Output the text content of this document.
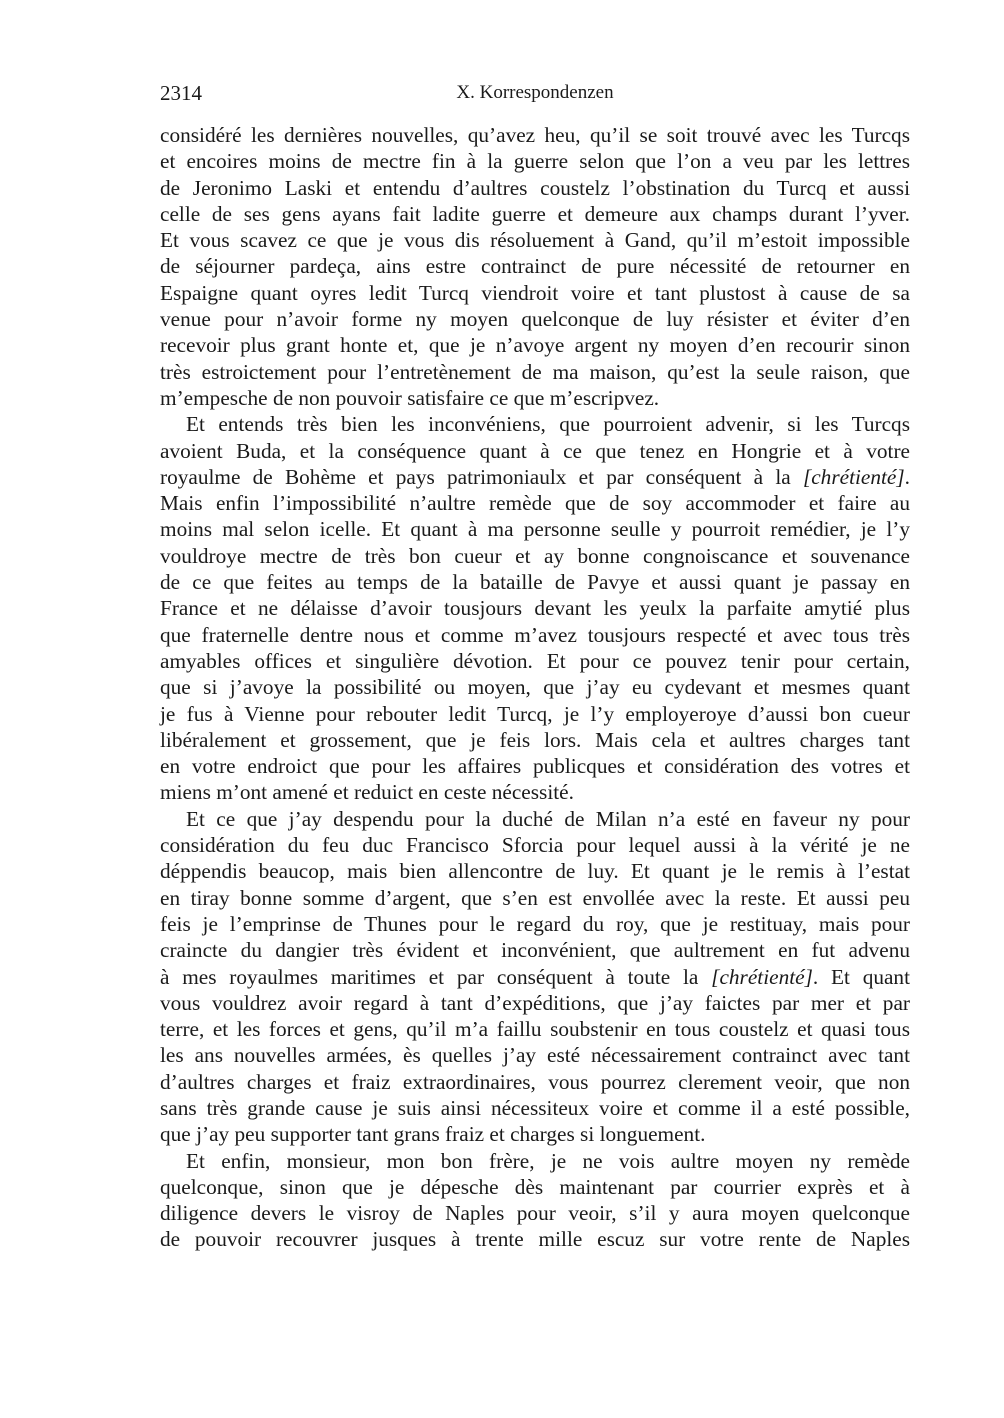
2314	X. Korrespondenzen
considéré les dernières nouvelles, qu’avez heu, qu’il se soit trouvé avec les Turcqs
et encoires moins de mectre fin à la guerre selon que l’on a veu par les lettres
de Jeronimo Laski et entendu d’aultres coustelz l’obstination du Turcq et aussi
celle de ses gens ayans fait ladite guerre et demeure aux champs durant l’yver.
Et vous scavez ce que je vous dis résoluement à Gand, qu’il m’estoit impossible
de séjourner pardeça, ains estre contrainct de pure nécessité de retourner en
Espaigne quant oyres ledit Turcq viendroit voire et tant plustost à cause de sa
venue pour n’avoir forme ny moyen quelconque de luy résister et éviter d’en
recevoir plus grant honte et, que je n’avoye argent ny moyen d’en recourir sinon
très estroictement pour l’entretènement de ma maison, qu’est la seule raison, que
m’empesche de non pouvoir satisfaire ce que m’escripvez.
Et entends très bien les inconvéniens, que pourroient advenir, si les Turcqs
avoient Buda, et la conséquence quant à ce que tenez en Hongrie et à votre
royaulme de Bohème et pays patrimoniaulx et par conséquent à la [chrétienté].
Mais enfin l’impossibilité n’aultre remède que de soy accommoder et faire au
moins mal selon icelle. Et quant à ma personne seulle y pourroit remédier, je l’y
vouldroye mectre de très bon cueur et ay bonne congnoiscance et souvenance
de ce que feites au temps de la bataille de Pavye et aussi quant je passay en
France et ne délaisse d’avoir tousjours devant les yeulx la parfaite amytié plus
que fraternelle dentre nous et comme m’avez tousjours respecté et avec tous très
amyables offices et singulière dévotion. Et pour ce pouvez tenir pour certain,
que si j’avoye la possibilité ou moyen, que j’ay eu cydevant et mesmes quant
je fus à Vienne pour rebouter ledit Turcq, je l’y employeroye d’aussi bon cueur
libéralement et grossement, que je feis lors. Mais cela et aultres charges tant
en votre endroict que pour les affaires publicques et considération des votres et
miens m’ont amené et reduict en ceste nécessité.
Et ce que j’ay despendu pour la duché de Milan n’a esté en faveur ny pour
considération du feu duc Francisco Sforcia pour lequel aussi à la vérité je ne
déppendis beaucop, mais bien allencontre de luy. Et quant je le remis à l’estat
en tiray bonne somme d’argent, que s’en est envollée avec la reste. Et aussi peu
feis je l’emprinse de Thunes pour le regard du roy, que je restituay, mais pour
craincte du dangier très évident et inconvénient, que aultrement en fut advenu
à mes royaulmes maritimes et par conséquent à toute la [chrétienté]. Et quant
vous vouldrez avoir regard à tant d’expéditions, que j’ay faictes par mer et par
terre, et les forces et gens, qu’il m’a faillu soubstenir en tous coustelz et quasi tous
les ans nouvelles armées, ès quelles j’ay esté nécessairement contrainct avec tant
d’aultres charges et fraiz extraordinaires, vous pourrez clerement veoir, que non
sans très grande cause je suis ainsi nécessiteux voire et comme il a esté possible,
que j’ay peu supporter tant grans fraiz et charges si longuement.
Et enfin, monsieur, mon bon frère, je ne vois aultre moyen ny remède
quelconque, sinon que je dépesche dès maintenant par courrier exprès et à
diligence devers le visroy de Naples pour veoir, s’il y aura moyen quelconque
de pouvoir recouvrer jusques à trente mille escuz sur votre rente de Naples
